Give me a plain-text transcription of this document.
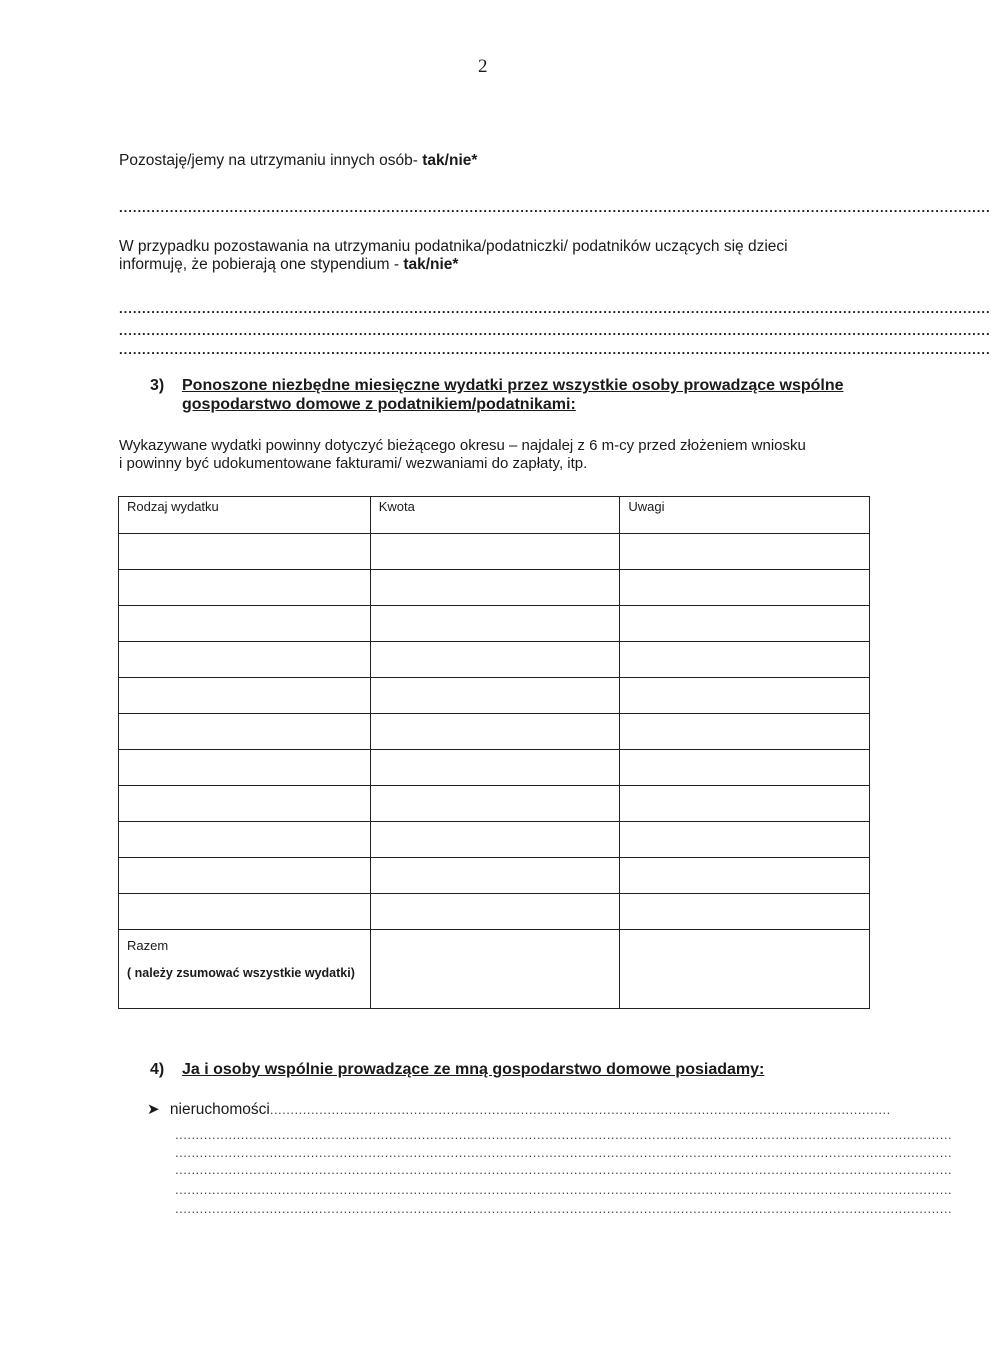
2
Pozostaję/jemy na utrzymaniu innych osób- tak/nie*
.............................................................................................................................................................................................
W przypadku pozostawania na utrzymaniu podatnika/podatniczki/ podatników uczących się dzieci
informuję, że pobierają one stypendium - tak/nie*
.............................................................................................................................................................................................
.............................................................................................................................................................................................
.............................................................................................................................................................................................
3) Ponoszone niezbędne miesięczne wydatki przez wszystkie osoby prowadzące wspólne
gospodarstwo domowe z podatnikiem/podatnikami:
Wykazywane wydatki powinny dotyczyć bieżącego okresu – najdalej z 6 m-cy przed złożeniem wniosku
i powinny być udokumentowane fakturami/ wezwaniami do zapłaty, itp.
Rodzaj wydatku	Kwota	Uwagi

Razem
( należy zsumować wszystkie wydatki)		

4) Ja i osoby wspólnie prowadzące ze mną gospodarstwo domowe posiadamy:
➤ nieruchomości.......................................................................................................................................................
.............................................................................................................................................................................................
.............................................................................................................................................................................................
.............................................................................................................................................................................................
.............................................................................................................................................................................................
.............................................................................................................................................................................................
